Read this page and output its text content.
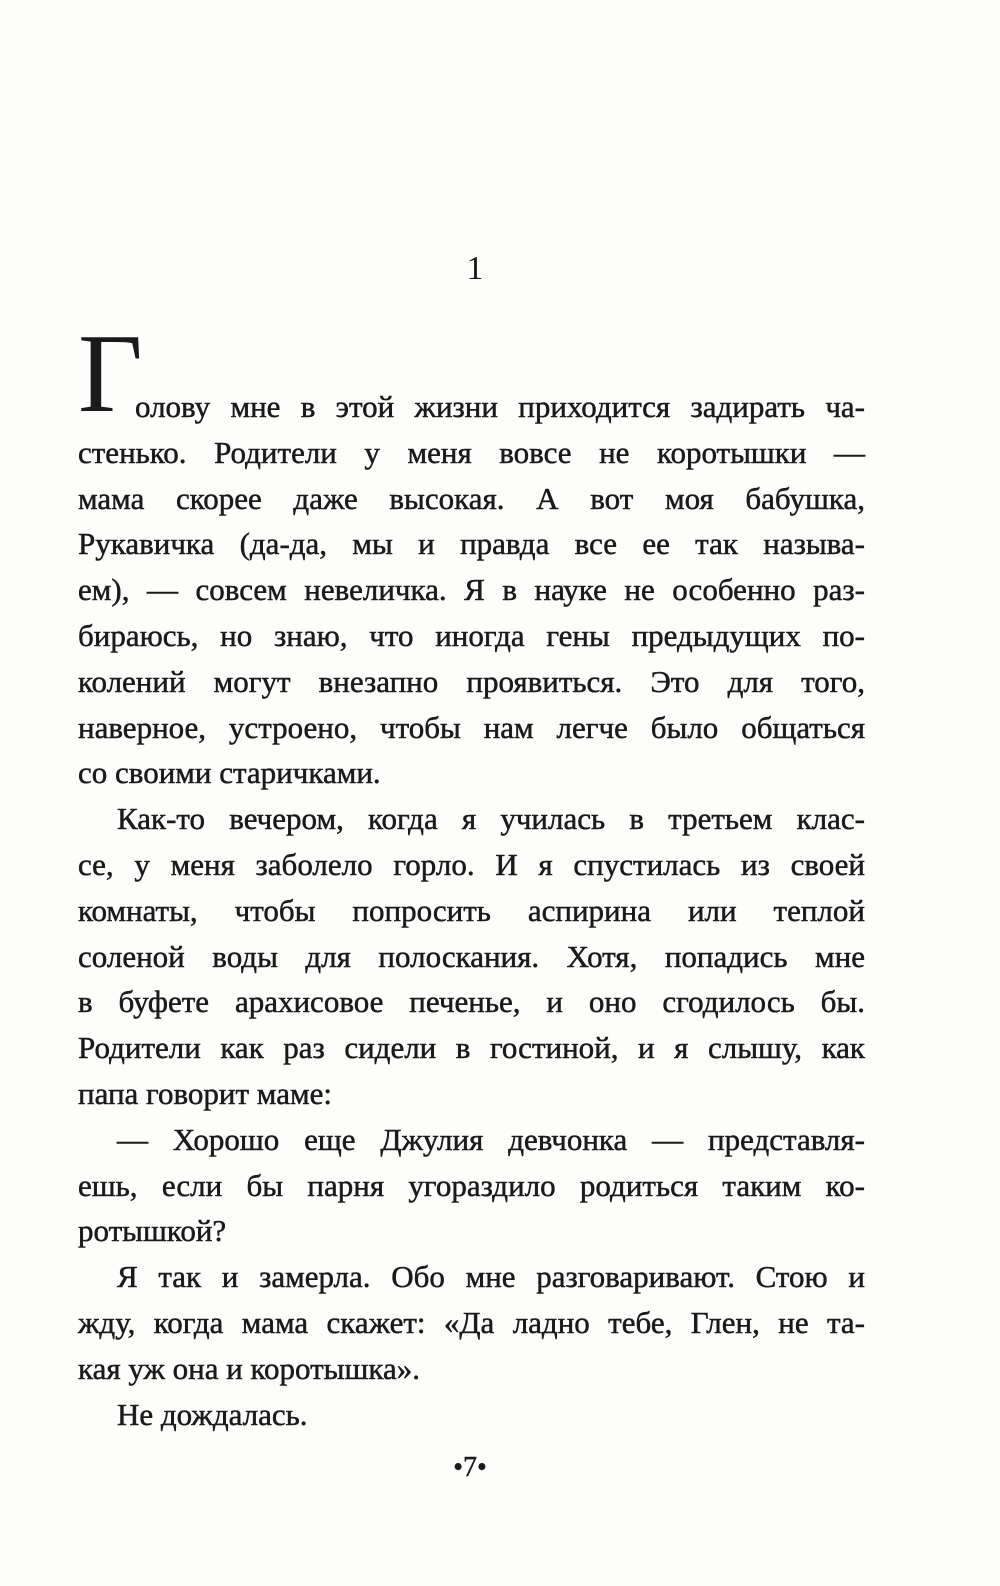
1
Г
олову мне в этой жизни приходится задирать ча-
стенько. Родители у меня вовсе не коротышки —
мама скорее даже высокая. А вот моя бабушка,
Рукавичка (да-да, мы и правда все ее так называ-
ем), — совсем невеличка. Я в науке не особенно раз-
бираюсь, но знаю, что иногда гены предыдущих по-
колений могут внезапно проявиться. Это для того,
наверное, устроено, чтобы нам легче было общаться
со своими старичками.
Как-то вечером, когда я училась в третьем клас-
се, у меня заболело горло. И я спустилась из своей
комнаты, чтобы попросить аспирина или теплой
соленой воды для полоскания. Хотя, попадись мне
в буфете арахисовое печенье, и оно сгодилось бы.
Родители как раз сидели в гостиной, и я слышу, как
папа говорит маме:
— Хорошо еще Джулия девчонка — представля-
ешь, если бы парня угораздило родиться таким ко-
ротышкой?
Я так и замерла. Обо мне разговаривают. Стою и
жду, когда мама скажет: «Да ладно тебе, Глен, не та-
кая уж она и коротышка».
Не дождалась.
•7•
